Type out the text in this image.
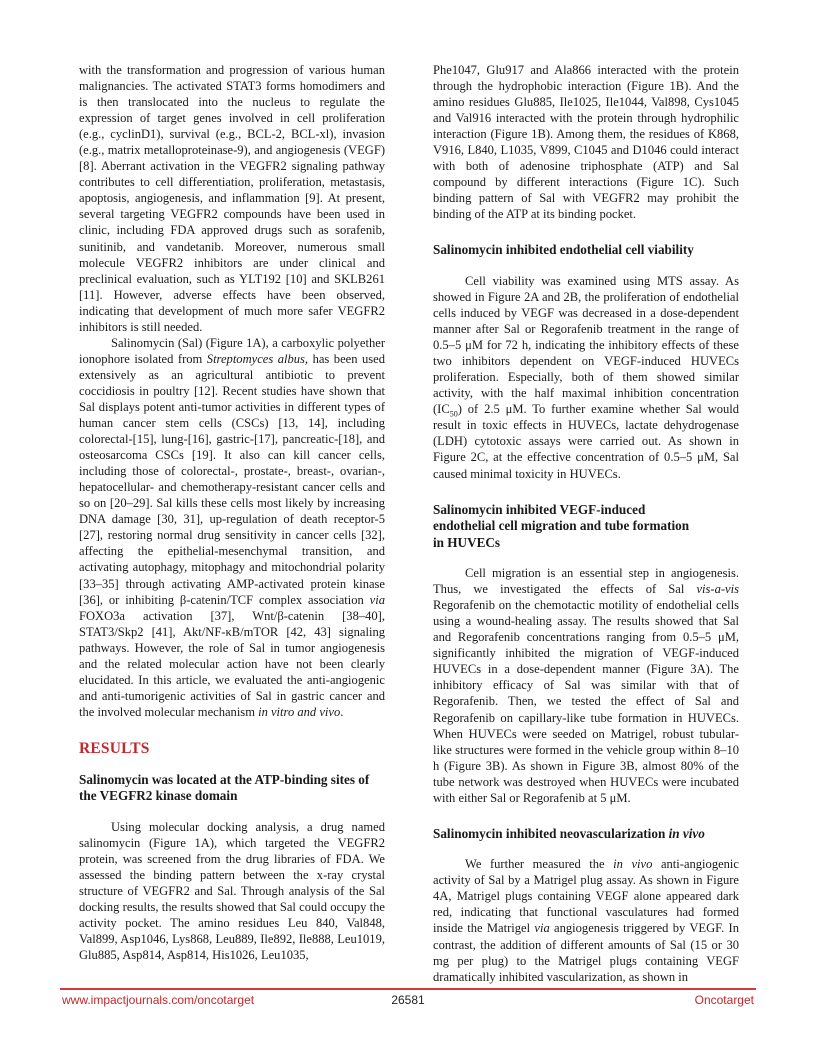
with the transformation and progression of various human malignancies. The activated STAT3 forms homodimers and is then translocated into the nucleus to regulate the expression of target genes involved in cell proliferation (e.g., cyclinD1), survival (e.g., BCL-2, BCL-xl), invasion (e.g., matrix metalloproteinase-9), and angiogenesis (VEGF) [8]. Aberrant activation in the VEGFR2 signaling pathway contributes to cell differentiation, proliferation, metastasis, apoptosis, angiogenesis, and inflammation [9]. At present, several targeting VEGFR2 compounds have been used in clinic, including FDA approved drugs such as sorafenib, sunitinib, and vandetanib. Moreover, numerous small molecule VEGFR2 inhibitors are under clinical and preclinical evaluation, such as YLT192 [10] and SKLB261 [11]. However, adverse effects have been observed, indicating that development of much more safer VEGFR2 inhibitors is still needed.

Salinomycin (Sal) (Figure 1A), a carboxylic polyether ionophore isolated from Streptomyces albus, has been used extensively as an agricultural antibiotic to prevent coccidiosis in poultry [12]. Recent studies have shown that Sal displays potent anti-tumor activities in different types of human cancer stem cells (CSCs) [13, 14], including colorectal-[15], lung-[16], gastric-[17], pancreatic-[18], and osteosarcoma CSCs [19]. It also can kill cancer cells, including those of colorectal-, prostate-, breast-, ovarian-, hepatocellular- and chemotherapy-resistant cancer cells and so on [20–29]. Sal kills these cells most likely by increasing DNA damage [30, 31], up-regulation of death receptor-5 [27], restoring normal drug sensitivity in cancer cells [32], affecting the epithelial-mesenchymal transition, and activating autophagy, mitophagy and mitochondrial polarity [33–35] through activating AMP-activated protein kinase [36], or inhibiting β-catenin/TCF complex association via FOXO3a activation [37], Wnt/β-catenin [38–40], STAT3/Skp2 [41], Akt/NF-κB/mTOR [42, 43] signaling pathways. However, the role of Sal in tumor angiogenesis and the related molecular action have not been clearly elucidated. In this article, we evaluated the anti-angiogenic and anti-tumorigenic activities of Sal in gastric cancer and the involved molecular mechanism in vitro and vivo.

RESULTS
Salinomycin was located at the ATP-binding sites of the VEGFR2 kinase domain

Using molecular docking analysis, a drug named salinomycin (Figure 1A), which targeted the VEGFR2 protein, was screened from the drug libraries of FDA. We assessed the binding pattern between the x-ray crystal structure of VEGFR2 and Sal. Through analysis of the Sal docking results, the results showed that Sal could occupy the activity pocket. The amino residues Leu 840, Val848, Val899, Asp1046, Lys868, Leu889, Ile892, Ile888, Leu1019, Glu885, Asp814, Asp814, His1026, Leu1035,

Phe1047, Glu917 and Ala866 interacted with the protein through the hydrophobic interaction (Figure 1B). And the amino residues Glu885, Ile1025, Ile1044, Val898, Cys1045 and Val916 interacted with the protein through hydrophilic interaction (Figure 1B). Among them, the residues of K868, V916, L840, L1035, V899, C1045 and D1046 could interact with both of adenosine triphosphate (ATP) and Sal compound by different interactions (Figure 1C). Such binding pattern of Sal with VEGFR2 may prohibit the binding of the ATP at its binding pocket.

Salinomycin inhibited endothelial cell viability

Cell viability was examined using MTS assay. As showed in Figure 2A and 2B, the proliferation of endothelial cells induced by VEGF was decreased in a dose-dependent manner after Sal or Regorafenib treatment in the range of 0.5–5 μM for 72 h, indicating the inhibitory effects of these two inhibitors dependent on VEGF-induced HUVECs proliferation. Especially, both of them showed similar activity, with the half maximal inhibition concentration $(IC_{50})$ of 2.5 μM. To further examine whether Sal would result in toxic effects in HUVECs, lactate dehydrogenase (LDH) cytotoxic assays were carried out. As shown in Figure 2C, at the effective concentration of 0.5–5 μM, Sal caused minimal toxicity in HUVECs.

Salinomycin inhibited VEGF-induced
endothelial cell migration and tube formation
in HUVECs

Cell migration is an essential step in angiogenesis. Thus, we investigated the effects of Sal vis-a-vis Regorafenib on the chemotactic motility of endothelial cells using a wound-healing assay. The results showed that Sal and Regorafenib concentrations ranging from 0.5–5 μM, significantly inhibited the migration of VEGF-induced HUVECs in a dose-dependent manner (Figure 3A). The inhibitory efficacy of Sal was similar with that of Regorafenib. Then, we tested the effect of Sal and Regorafenib on capillary-like tube formation in HUVECs. When HUVECs were seeded on Matrigel, robust tubular-like structures were formed in the vehicle group within 8–10 h (Figure 3B). As shown in Figure 3B, almost 80% of the tube network was destroyed when HUVECs were incubated with either Sal or Regorafenib at 5 μM.

Salinomycin inhibited neovascularization in vivo

We further measured the in vivo anti-angiogenic activity of Sal by a Matrigel plug assay. As shown in Figure 4A, Matrigel plugs containing VEGF alone appeared dark red, indicating that functional vasculatures had formed inside the Matrigel via angiogenesis triggered by VEGF. In contrast, the addition of different amounts of Sal (15 or 30 mg per plug) to the Matrigel plugs containing VEGF dramatically inhibited vascularization, as shown in

www.impactjournals.com/oncotarget	26581	Oncotarget
